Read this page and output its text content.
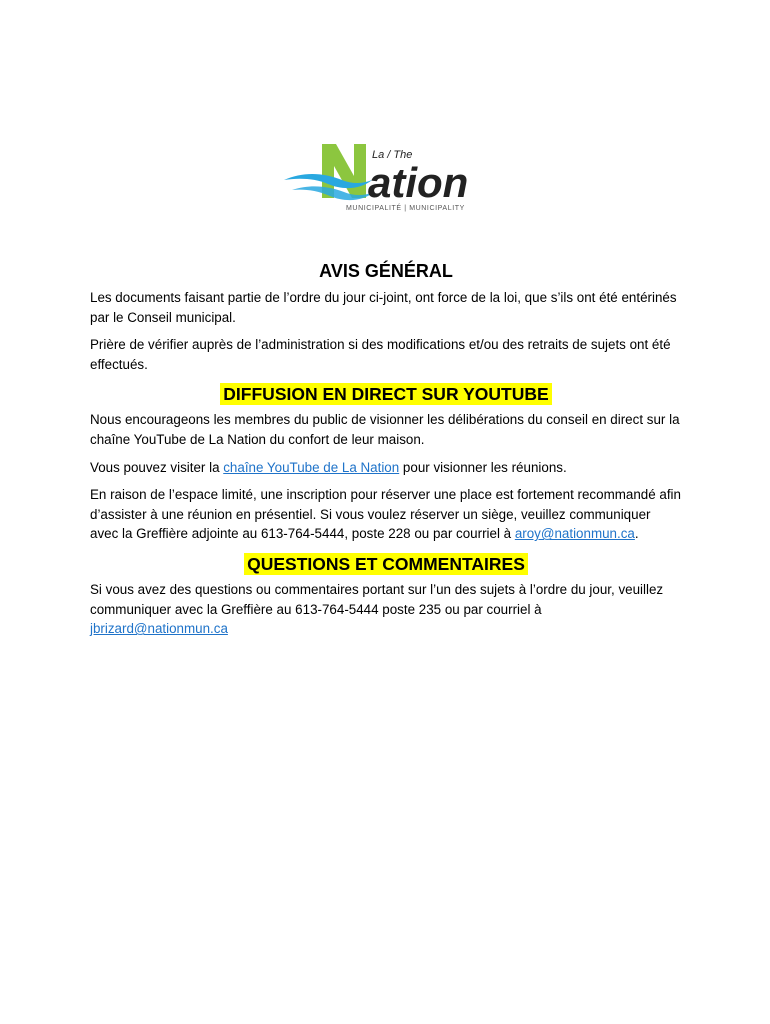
La / The
ation
MUNICIPALITÉ | MUNICIPALITY
AVIS GÉNÉRAL

Les documents faisant partie de l’ordre du jour ci-joint, ont force de la loi, que s’ils ont été entérinés par le Conseil municipal.

Prière de vérifier auprès de l’administration si des modifications et/ou des retraits de sujets ont été effectués.

DIFFUSION EN DIRECT SUR YOUTUBE

Nous encourageons les membres du public de visionner les délibérations du conseil en direct sur la chaîne YouTube de La Nation du confort de leur maison.

Vous pouvez visiter la chaîne YouTube de La Nation pour visionner les réunions.

En raison de l’espace limité, une inscription pour réserver une place est fortement recommandé afin d’assister à une réunion en présentiel. Si vous voulez réserver un siège, veuillez communiquer avec la Greffière adjointe au 613-764-5444, poste 228 ou par courriel à aroy@nationmun.ca.

QUESTIONS ET COMMENTAIRES

Si vous avez des questions ou commentaires portant sur l’un des sujets à l’ordre du jour, veuillez communiquer avec la Greffière au 613-764-5444 poste 235 ou par courriel à jbrizard@nationmun.ca
